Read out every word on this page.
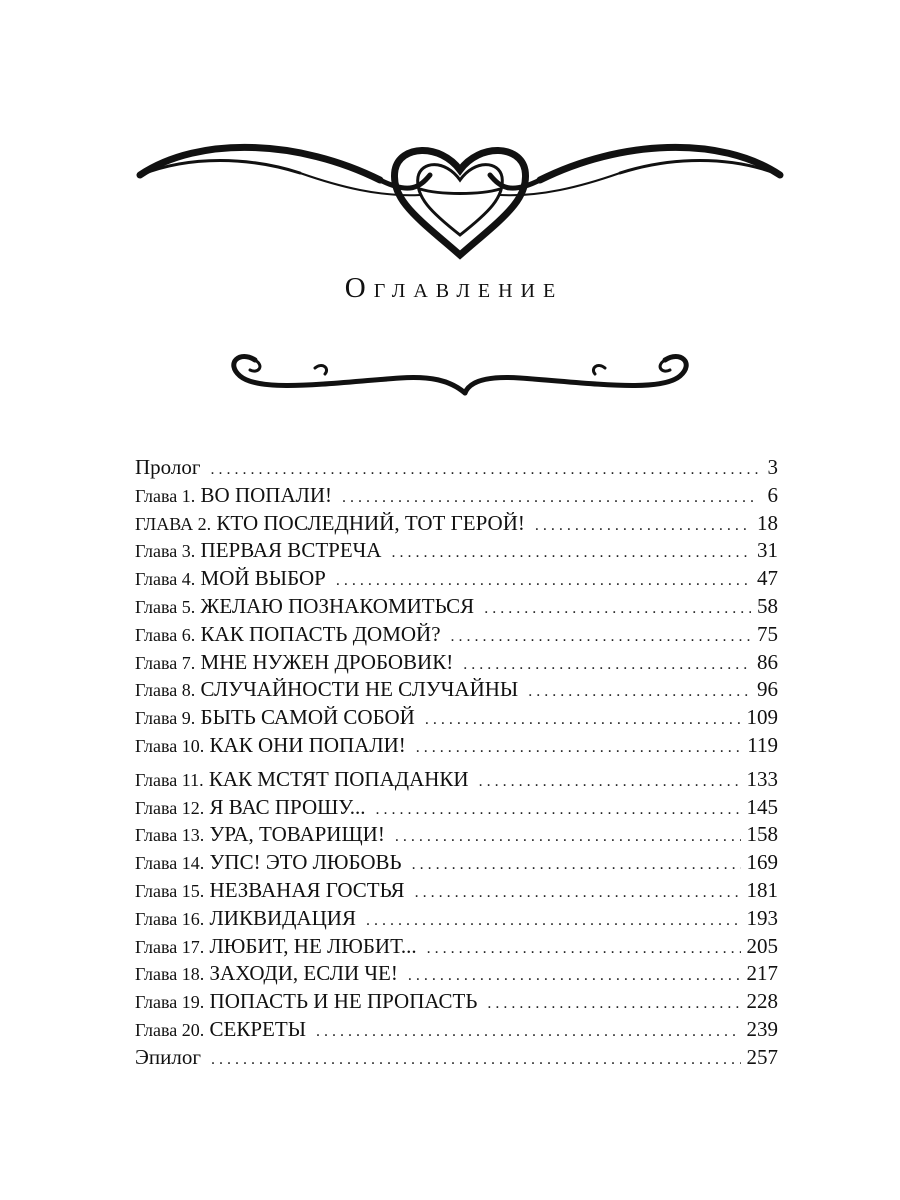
Оглавление
Пролог . . .	3
Глава 1. ВО ПОПАЛИ! . . .	6
ГЛАВА 2. КТО ПОСЛЕДНИЙ, ТОТ ГЕРОЙ! . . .	18
Глава 3. ПЕРВАЯ ВСТРЕЧА . . .	31
Глава 4. МОЙ ВЫБОР . . .	47
Глава 5. ЖЕЛАЮ ПОЗНАКОМИТЬСЯ . . .	58
Глава 6. КАК ПОПАСТЬ ДОМОЙ? . . .	75
Глава 7. МНЕ НУЖЕН ДРОБОВИК! . . .	86
Глава 8. СЛУЧАЙНОСТИ НЕ СЛУЧАЙНЫ . . .	96
Глава 9. БЫТЬ САМОЙ СОБОЙ . . .	109
Глава 10. КАК ОНИ ПОПАЛИ! . . .	119
Глава 11. КАК МСТЯТ ПОПАДАНКИ . . .	133
Глава 12. Я ВАС ПРОШУ... . . .	145
Глава 13. УРА, ТОВАРИЩИ! . . .	158
Глава 14. УПС! ЭТО ЛЮБОВЬ . . .	169
Глава 15. НЕЗВАНАЯ ГОСТЬЯ . . .	181
Глава 16. ЛИКВИДАЦИЯ . . .	193
Глава 17. ЛЮБИТ, НЕ ЛЮБИТ... . . .	205
Глава 18. ЗАХОДИ, ЕСЛИ ЧЕ! . . .	217
Глава 19. ПОПАСТЬ И НЕ ПРОПАСТЬ . . .	228
Глава 20. СЕКРЕТЫ . . .	239
Эпилог . . .	257
